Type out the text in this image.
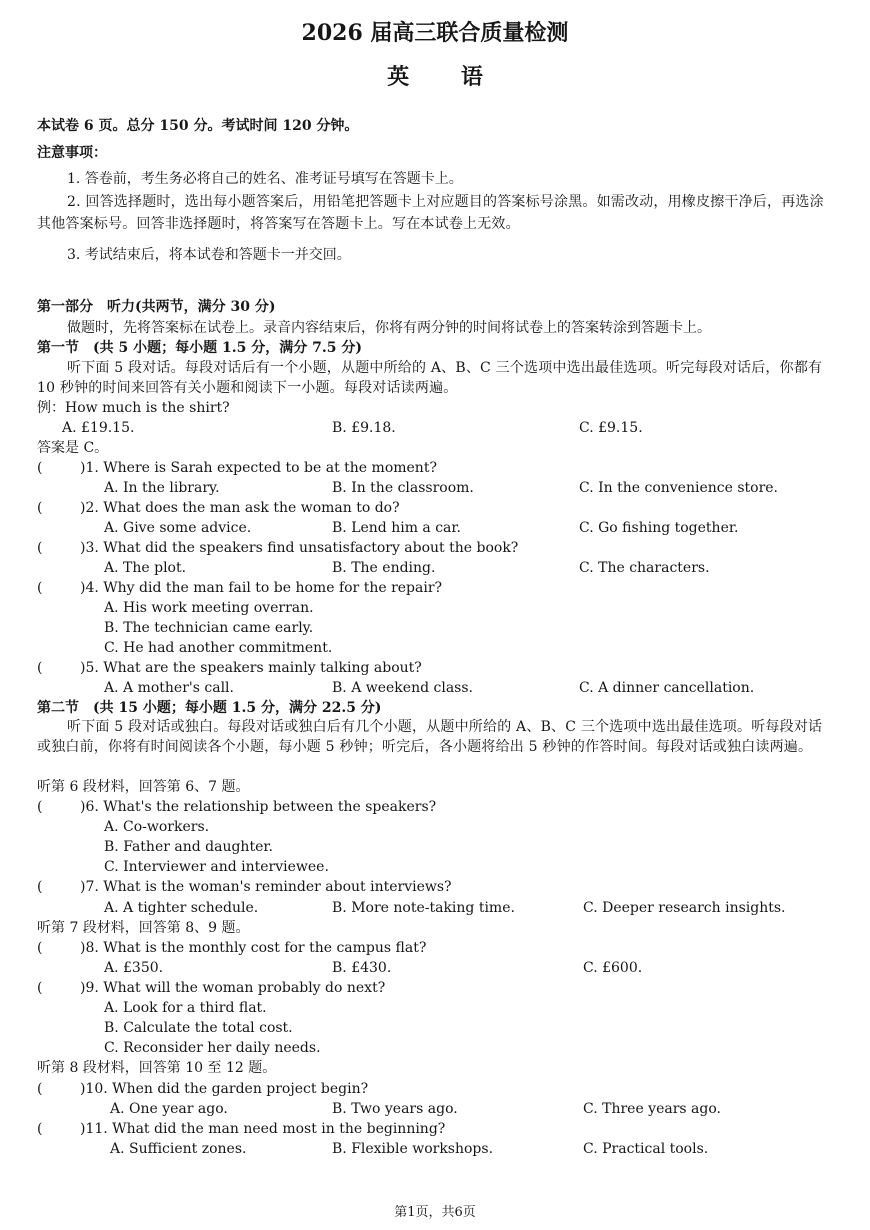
2026 届高三联合质量检测
英 语
本试卷 6 页。总分 150 分。考试时间 120 分钟。
注意事项：
1. 答卷前，考生务必将自己的姓名、准考证号填写在答题卡上。
2. 回答选择题时，选出每小题答案后，用铅笔把答题卡上对应题目的答案标号涂黑。如需改动，用橡皮擦干净后，再选涂其他答案标号。回答非选择题时，将答案写在答题卡上。写在本试卷上无效。
3. 考试结束后，将本试卷和答题卡一并交回。
第一部分　听力(共两节，满分 30 分)
做题时，先将答案标在试卷上。录音内容结束后，你将有两分钟的时间将试卷上的答案转涂到答题卡上。
第一节　(共 5 小题；每小题 1.5 分，满分 7.5 分)
听下面 5 段对话。每段对话后有一个小题，从题中所给的 A、B、C 三个选项中选出最佳选项。听完每段对话后，你都有 10 秒钟的时间来回答有关小题和阅读下一小题。每段对话读两遍。
例：How much is the shirt?
A. £19.15.	B. £9.18.	C. £9.15.
答案是 C。
(	)1. Where is Sarah expected to be at the moment?
A. In the library.	B. In the classroom.	C. In the convenience store.
(	)2. What does the man ask the woman to do?
A. Give some advice.	B. Lend him a car.	C. Go fishing together.
(	)3. What did the speakers find unsatisfactory about the book?
A. The plot.	B. The ending.	C. The characters.
(	)4. Why did the man fail to be home for the repair?
A. His work meeting overran.
B. The technician came early.
C. He had another commitment.
(	)5. What are the speakers mainly talking about?
A. A mother's call.	B. A weekend class.	C. A dinner cancellation.
第二节　(共 15 小题；每小题 1.5 分，满分 22.5 分)
听下面 5 段对话或独白。每段对话或独白后有几个小题，从题中所给的 A、B、C 三个选项中选出最佳选项。听每段对话或独白前，你将有时间阅读各个小题，每小题 5 秒钟；听完后，各小题将给出 5 秒钟的作答时间。每段对话或独白读两遍。
听第 6 段材料，回答第 6、7 题。
(	)6. What's the relationship between the speakers?
A. Co-workers.
B. Father and daughter.
C. Interviewer and interviewee.
(	)7. What is the woman's reminder about interviews?
A. A tighter schedule.	B. More note-taking time.	C. Deeper research insights.
听第 7 段材料，回答第 8、9 题。
(	)8. What is the monthly cost for the campus flat?
A. £350.	B. £430.	C. £600.
(	)9. What will the woman probably do next?
A. Look for a third flat.
B. Calculate the total cost.
C. Reconsider her daily needs.
听第 8 段材料，回答第 10 至 12 题。
(	)10. When did the garden project begin?
A. One year ago.	B. Two years ago.	C. Three years ago.
(	)11. What did the man need most in the beginning?
A. Sufficient zones.	B. Flexible workshops.	C. Practical tools.
第1页，共6页
